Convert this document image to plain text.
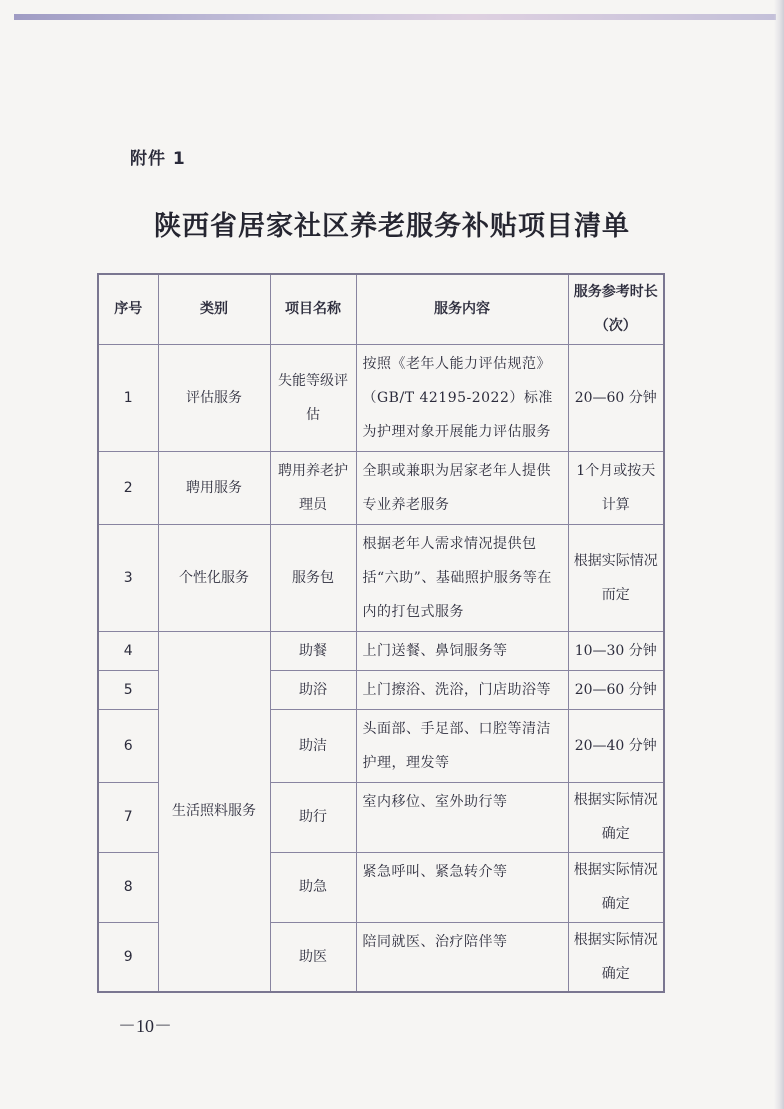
附件 1
陕西省居家社区养老服务补贴项目清单
序号	类别	项目名称	服务内容	服务参考时长（次）
1	评估服务	失能等级评估	按照《老年人能力评估规范》（GB/T 42195-2022）标准为护理对象开展能力评估服务	20—60 分钟
2	聘用服务	聘用养老护理员	全职或兼职为居家老年人提供专业养老服务	1个月或按天计算
3	个性化服务	服务包	根据老年人需求情况提供包括“六助”、基础照护服务等在内的打包式服务	根据实际情况而定
4	生活照料服务	助餐	上门送餐、鼻饲服务等	10—30 分钟
5		助浴	上门擦浴、洗浴，门店助浴等	20—60 分钟
6		助洁	头面部、手足部、口腔等清洁护理，理发等	20—40 分钟
7		助行	室内移位、室外助行等	根据实际情况确定
8		助急	紧急呼叫、紧急转介等	根据实际情况确定
9		助医	陪同就医、治疗陪伴等	根据实际情况确定
－10－
